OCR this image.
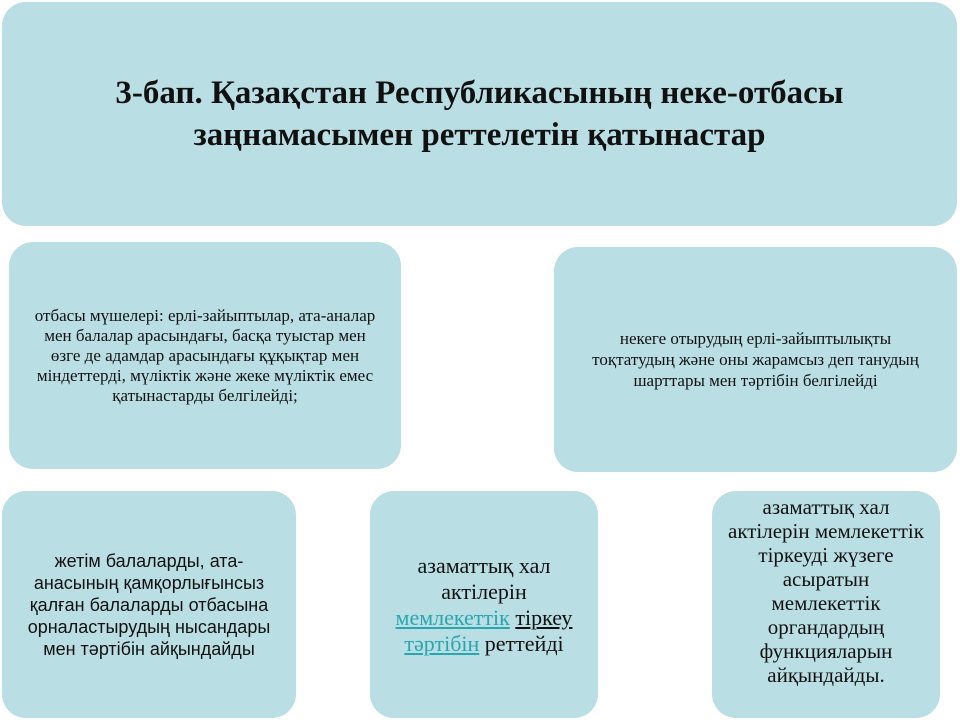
3-бап. Қазақстан Республикасының неке-отбасы
заңнамасымен реттелетін қатынастар

отбасы мүшелері: ерлі-зайыптылар, ата-аналар мен балалар арасындағы, басқа туыстар мен өзге де адамдар арасындағы құқықтар мен міндеттерді, мүліктік және жеке мүліктік емес қатынастарды белгілейді;

некеге отырудың ерлі-зайыптылықты тоқтатудың және оны жарамсыз деп танудың шарттары мен тәртібін белгілейді

жетім балаларды, ата-анасының қамқорлығынсыз қалған балаларды отбасына орналастырудың нысандары мен тәртібін айқындайды

азаматтық хал актілерін мемлекеттік тіркеу тәртібін реттейді

азаматтық хал актілерін мемлекеттік тіркеуді жүзеге асыратын мемлекеттік органдардың функцияларын айқындайды.
